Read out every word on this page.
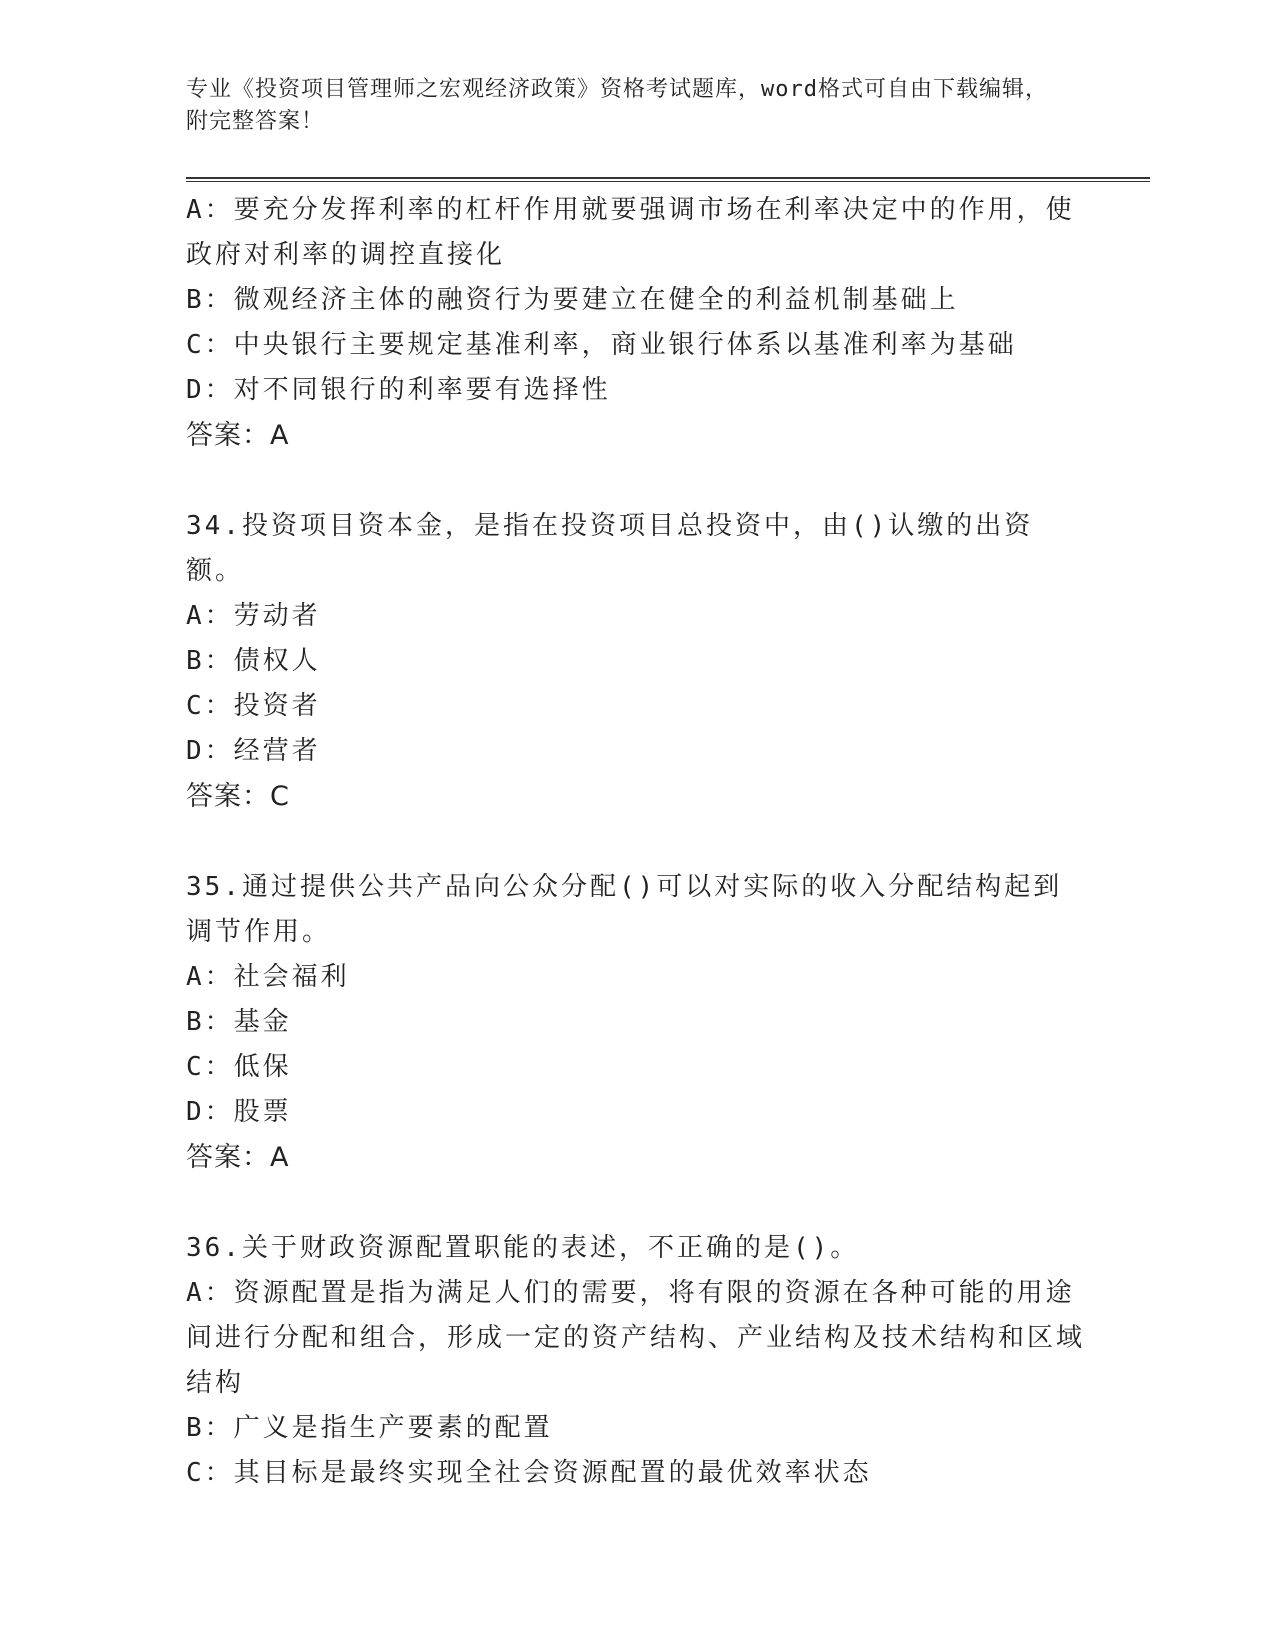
专业《投资项目管理师之宏观经济政策》资格考试题库，word格式可自由下载编辑，附完整答案！
A：要充分发挥利率的杠杆作用就要强调市场在利率决定中的作用，使政府对利率的调控直接化
B：微观经济主体的融资行为要建立在健全的利益机制基础上
C：中央银行主要规定基准利率，商业银行体系以基准利率为基础
D：对不同银行的利率要有选择性
答案：A
34.投资项目资本金，是指在投资项目总投资中，由()认缴的出资额。
A：劳动者
B：债权人
C：投资者
D：经营者
答案：C
35.通过提供公共产品向公众分配()可以对实际的收入分配结构起到调节作用。
A：社会福利
B：基金
C：低保
D：股票
答案：A
36.关于财政资源配置职能的表述，不正确的是()。
A：资源配置是指为满足人们的需要，将有限的资源在各种可能的用途间进行分配和组合，形成一定的资产结构、产业结构及技术结构和区域结构
B：广义是指生产要素的配置
C：其目标是最终实现全社会资源配置的最优效率状态
